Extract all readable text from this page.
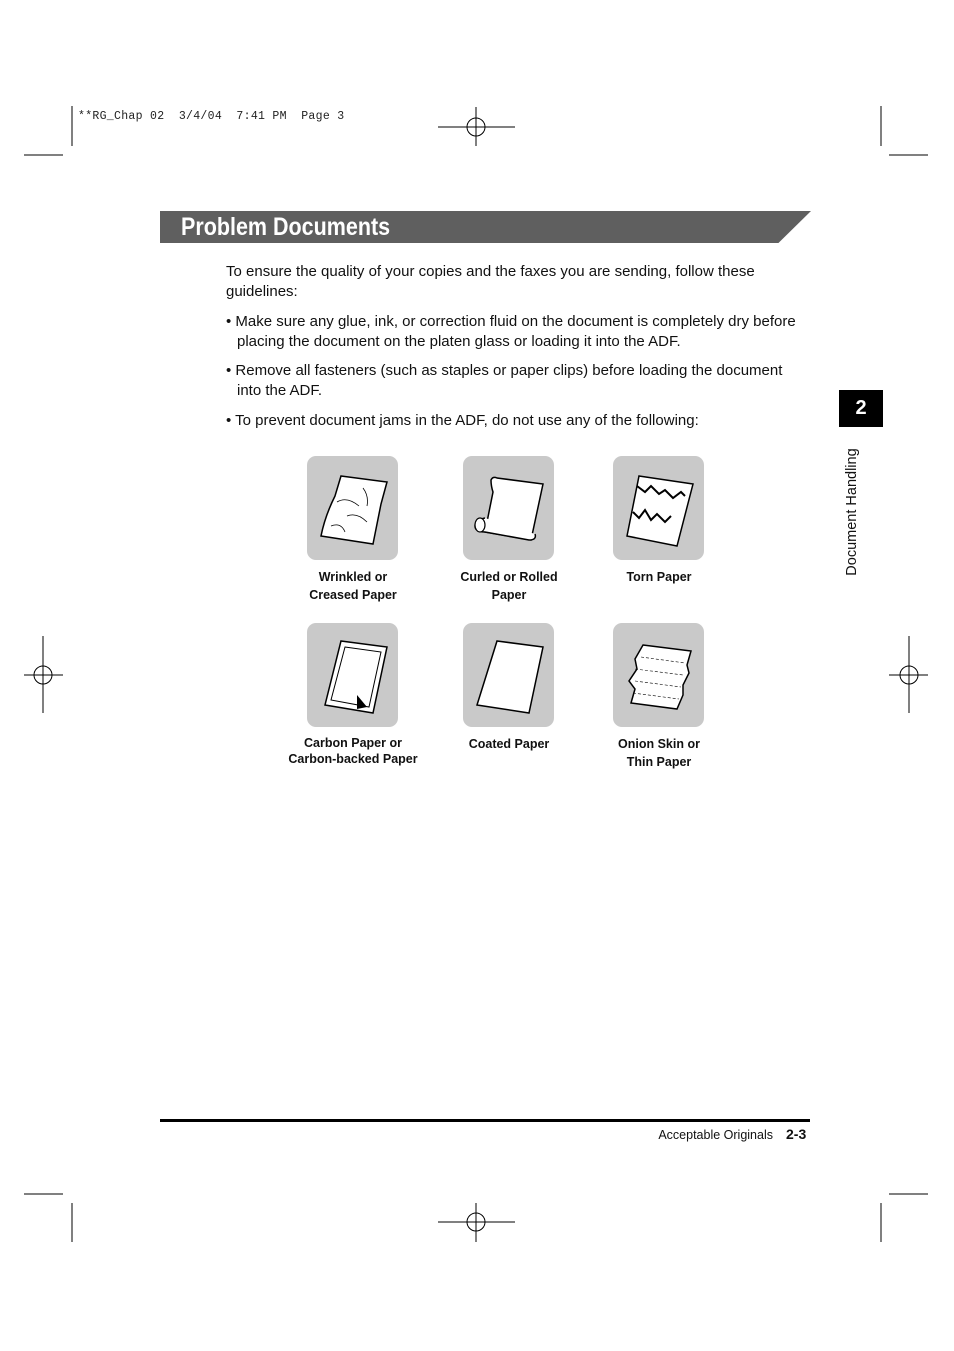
**RG_Chap 02  3/4/04  7:41 PM  Page 3
Problem Documents
To ensure the quality of your copies and the faxes you are sending, follow these guidelines:
• Make sure any glue, ink, or correction fluid on the document is completely dry before placing the document on the platen glass or loading it into the ADF.
• Remove all fasteners (such as staples or paper clips) before loading the document into the ADF.
• To prevent document jams in the ADF, do not use any of the following:
Wrinkled or
Creased Paper
Curled or Rolled
Paper
Torn Paper
Carbon Paper or
Carbon-backed Paper
Coated Paper	Onion Skin or
Thin Paper
2
Document Handling
Acceptable Originals 2-3
